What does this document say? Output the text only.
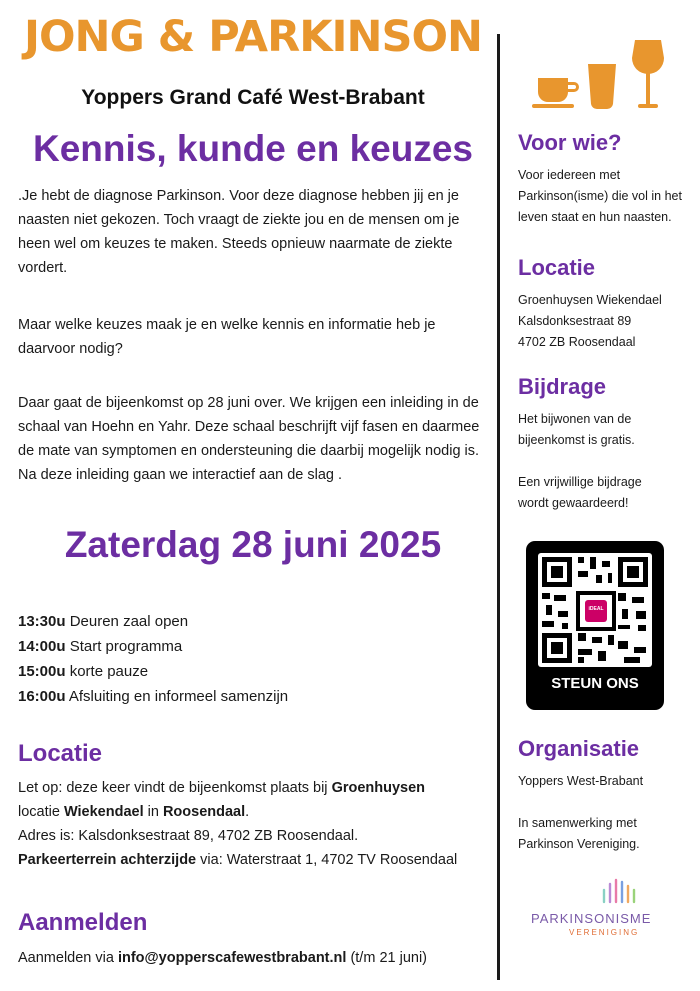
JONG & PARKINSON
Yoppers Grand Café West-Brabant
Kennis, kunde en keuzes

.Je hebt de diagnose Parkinson. Voor deze diagnose hebben jij en je naasten niet gekozen. Toch vraagt de ziekte jou en de mensen om je heen wel om keuzes te maken. Steeds opnieuw naarmate de ziekte vordert.

Maar welke keuzes maak je en welke kennis en informatie heb je daarvoor nodig?

Daar gaat de bijeenkomst op 28 juni over. We krijgen een inleiding in de schaal van Hoehn en Yahr. Deze schaal beschrijft vijf fasen en daarmee de mate van symptomen en ondersteuning die daarbij mogelijk nodig is. Na deze inleiding gaan we interactief aan de slag .

Zaterdag 28 juni 2025
13:30u Deuren zaal open
14:00u Start programma
15:00u korte pauze
16:00u Afsluiting en informeel samenzijn
Locatie
Let op: deze keer vindt de bijeenkomst plaats bij Groenhuysen
locatie Wiekendael in Roosendaal.
Adres is: Kalsdonksestraat 89, 4702 ZB Roosendaal.
Parkeerterrein achterzijde via: Waterstraat 1, 4702 TV Roosendaal
Aanmelden
Aanmelden via info@yopperscafewestbrabant.nl (t/m 21 juni)
Voor wie?
Voor iedereen met
Parkinson(isme) die vol in het
leven staat en hun naasten.
Locatie
Groenhuysen Wiekendael
Kalsdonksestraat 89
4702 ZB Roosendaal
Bijdrage
Het bijwonen van de
bijeenkomst is gratis.
Een vrijwillige bijdrage
wordt gewaardeerd!
iDEAL
STEUN ONS
Organisatie
Yoppers West-Brabant
In samenwerking met
Parkinson Vereniging.
PARKINSONISME
VERENIGING
